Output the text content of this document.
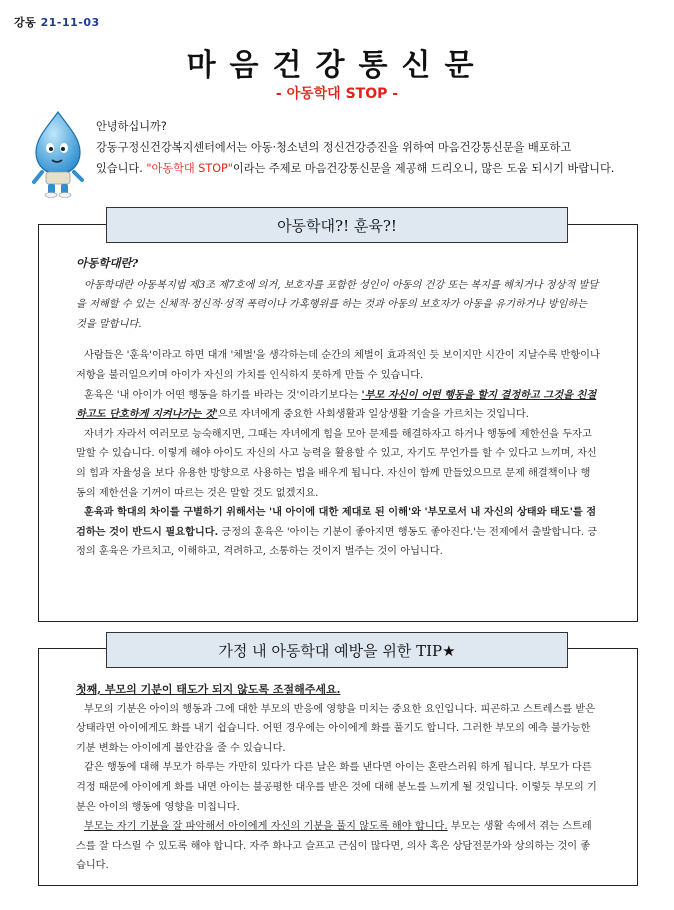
강동 21-11-03
마음건강통신문
- 아동학대 STOP -
안녕하십니까?
강동구정신건강복지센터에서는 아동·청소년의 정신건강증진을 위하여 마음건강통신문을 배포하고
있습니다. "아동학대 STOP"이라는 주제로 마음건강통신문을 제공해 드리오니, 많은 도움 되시기 바랍니다.
아동학대?! 훈육?!

아동학대란?

아동학대란 아동복지법 제3조 제7호에 의거, 보호자를 포함한 성인이 아동의 건강 또는 복지를 해치거나 정상적 발달을 저해할 수 있는 신체적·정신적·성적 폭력이나 가혹행위를 하는 것과 아동의 보호자가 아동을 유기하거나 방임하는 것을 말합니다.

사람들은 '훈육'이라고 하면 대개 '체벌'을 생각하는데 순간의 체벌이 효과적인 듯 보이지만 시간이 지날수록 반항이나 저항을 불러일으키며 아이가 자신의 가치를 인식하지 못하게 만들 수 있습니다.

훈육은 '내 아이가 어떤 행동을 하기를 바라는 것'이라기보다는 '부모 자신이 어떤 행동을 할지 결정하고 그것을 친절하고도 단호하게 지켜나가는 것'으로 자녀에게 중요한 사회생활과 일상생활 기술을 가르치는 것입니다.

자녀가 자라서 여러모로 능숙해지면, 그때는 자녀에게 힘을 모아 문제를 해결하자고 하거나 행동에 제한선을 두자고 말할 수 있습니다. 이렇게 해야 아이도 자신의 사고 능력을 활용할 수 있고, 자기도 무언가를 할 수 있다고 느끼며, 자신의 힘과 자율성을 보다 유용한 방향으로 사용하는 법을 배우게 됩니다. 자신이 함께 만들었으므로 문제 해결책이나 행동의 제한선을 기꺼이 따르는 것은 말할 것도 없겠지요.

훈육과 학대의 차이를 구별하기 위해서는 '내 아이에 대한 제대로 된 이해'와 '부모로서 내 자신의 상태와 태도'를 점검하는 것이 반드시 필요합니다. 긍정의 훈육은 '아이는 기분이 좋아지면 행동도 좋아진다.'는 전제에서 출발합니다. 긍정의 훈육은 가르치고, 이해하고, 격려하고, 소통하는 것이지 벌주는 것이 아닙니다.

가정 내 아동학대 예방을 위한 TIP★

첫째, 부모의 기분이 태도가 되지 않도록 조절해주세요.

부모의 기분은 아이의 행동과 그에 대한 부모의 반응에 영향을 미치는 중요한 요인입니다. 피곤하고 스트레스를 받은 상태라면 아이에게도 화를 내기 쉽습니다. 어떤 경우에는 아이에게 화를 풀기도 합니다. 그러한 부모의 예측 불가능한 기분 변화는 아이에게 불안감을 줄 수 있습니다.

같은 행동에 대해 부모가 하루는 가만히 있다가 다른 날은 화를 낸다면 아이는 혼란스러워 하게 됩니다. 부모가 다른 걱정 때문에 아이에게 화를 내면 아이는 불공평한 대우를 받은 것에 대해 분노를 느끼게 될 것입니다. 이렇듯 부모의 기분은 아이의 행동에 영향을 미칩니다.

부모는 자기 기분을 잘 파악해서 아이에게 자신의 기분을 풀지 않도록 해야 합니다. 부모는 생활 속에서 겪는 스트레스를 잘 다스릴 수 있도록 해야 합니다. 자주 화나고 슬프고 근심이 많다면, 의사 혹은 상담전문가와 상의하는 것이 좋습니다.
